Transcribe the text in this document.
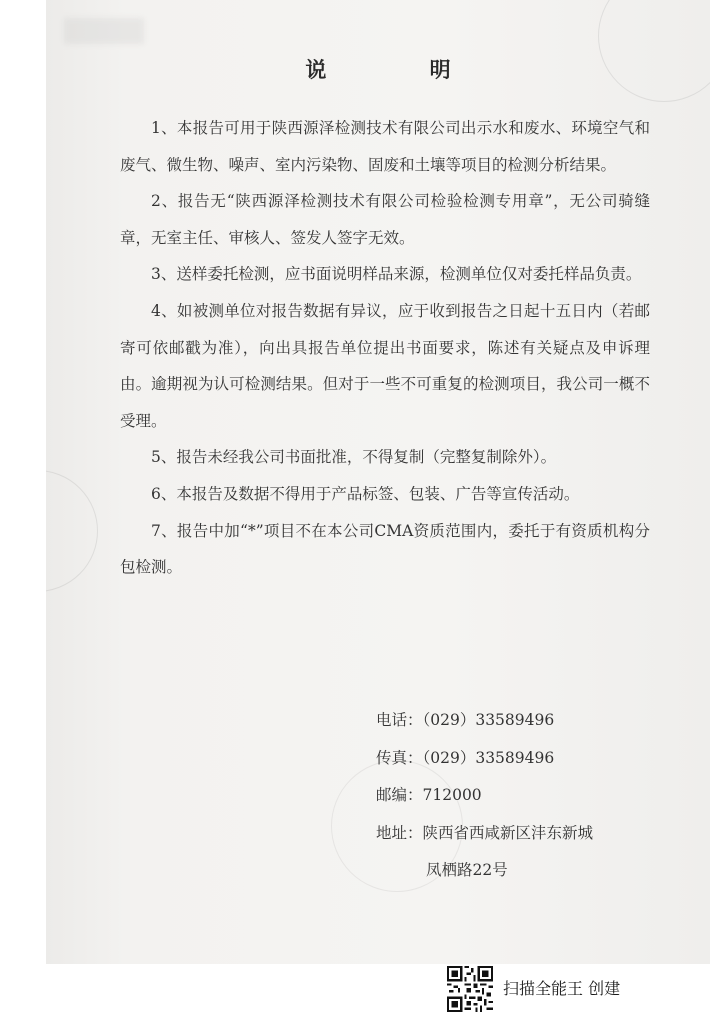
说 明

1、本报告可用于陕西源泽检测技术有限公司出示水和废水、环境空气和废气、微生物、噪声、室内污染物、固废和土壤等项目的检测分析结果。

2、报告无“陕西源泽检测技术有限公司检验检测专用章”，无公司骑缝章，无室主任、审核人、签发人签字无效。

3、送样委托检测，应书面说明样品来源，检测单位仅对委托样品负责。

4、如被测单位对报告数据有异议，应于收到报告之日起十五日内（若邮寄可依邮戳为准），向出具报告单位提出书面要求，陈述有关疑点及申诉理由。逾期视为认可检测结果。但对于一些不可重复的检测项目，我公司一概不受理。

5、报告未经我公司书面批准，不得复制（完整复制除外）。

6、本报告及数据不得用于产品标签、包装、广告等宣传活动。

7、报告中加“*”项目不在本公司CMA资质范围内，委托于有资质机构分包检测。

电话：（029）33589496
传真：（029）33589496
邮编：712000
地址：陕西省西咸新区沣东新城
凤栖路22号
扫描全能王 创建
